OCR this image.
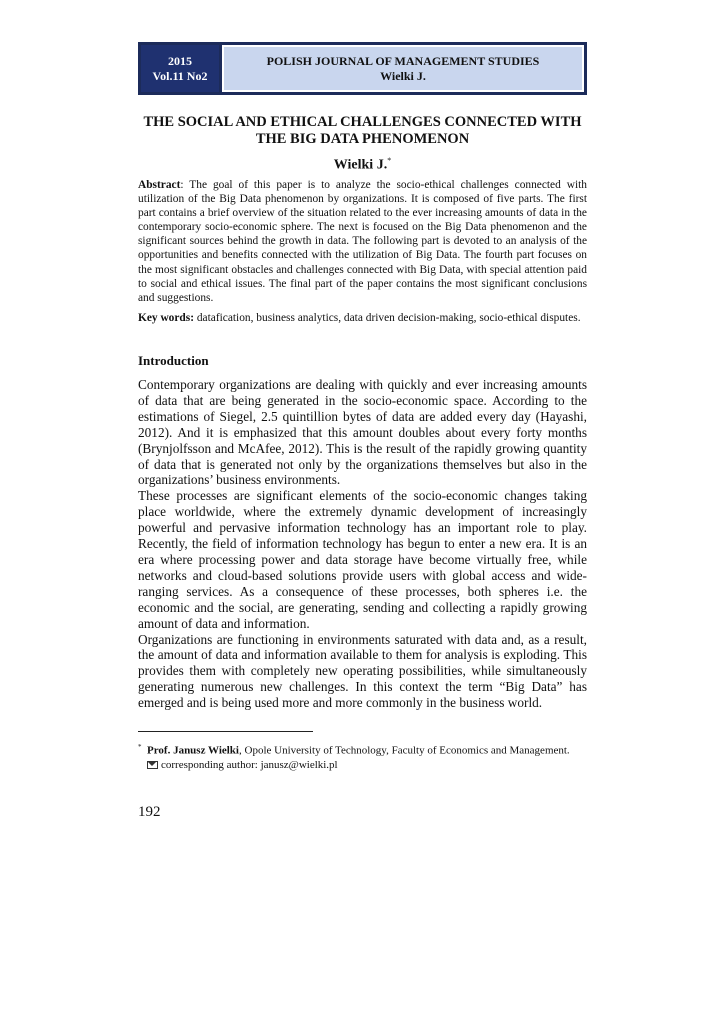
2015
Vol.11 No2
POLISH JOURNAL OF MANAGEMENT STUDIES
Wielki J.
THE SOCIAL AND ETHICAL CHALLENGES CONNECTED WITH
THE BIG DATA PHENOMENON
Wielki J.*
Abstract: The goal of this paper is to analyze the socio-ethical challenges connected with utilization of the Big Data phenomenon by organizations. It is composed of five parts. The first part contains a brief overview of the situation related to the ever increasing amounts of data in the contemporary socio-economic sphere. The next is focused on the Big Data phenomenon and the significant sources behind the growth in data. The following part is devoted to an analysis of the opportunities and benefits connected with the utilization of Big Data. The fourth part focuses on the most significant obstacles and challenges connected with Big Data, with special attention paid to social and ethical issues. The final part of the paper contains the most significant conclusions and suggestions.
Key words: datafication, business analytics, data driven decision-making, socio-ethical disputes.
Introduction

Contemporary organizations are dealing with quickly and ever increasing amounts of data that are being generated in the socio-economic space. According to the estimations of Siegel, 2.5 quintillion bytes of data are added every day (Hayashi, 2012). And it is emphasized that this amount doubles about every forty months (Brynjolfsson and McAfee, 2012). This is the result of the rapidly growing quantity of data that is generated not only by the organizations themselves but also in the organizations’ business environments.

These processes are significant elements of the socio-economic changes taking place worldwide, where the extremely dynamic development of increasingly powerful and pervasive information technology has an important role to play. Recently, the field of information technology has begun to enter a new era. It is an era where processing power and data storage have become virtually free, while networks and cloud-based solutions provide users with global access and wide-ranging services. As a consequence of these processes, both spheres i.e. the economic and the social, are generating, sending and collecting a rapidly growing amount of data and information.

Organizations are functioning in environments saturated with data and, as a result, the amount of data and information available to them for analysis is exploding. This provides them with completely new operating possibilities, while simultaneously generating numerous new challenges. In this context the term “Big Data” has emerged and is being used more and more commonly in the business world.

* Prof. Janusz Wielki, Opole University of Technology, Faculty of Economics and Management.
corresponding author: janusz@wielki.pl
192
